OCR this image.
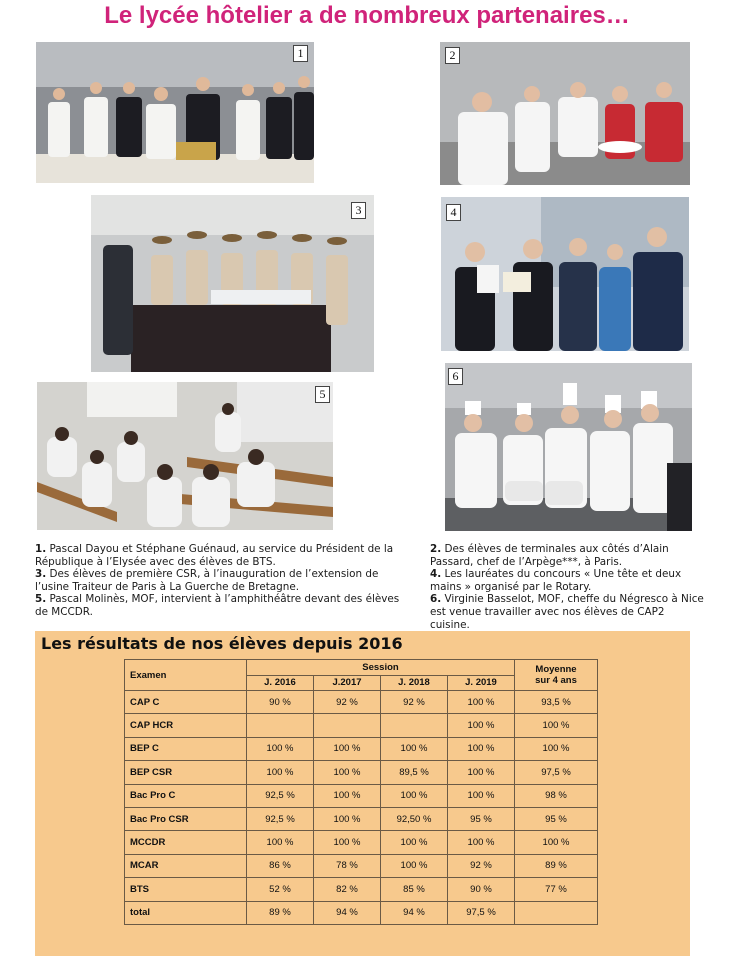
Le lycée hôtelier a de nombreux partenaires…
1	2
3	4
5
6

1. Pascal Dayou et Stéphane Guénaud, au service du Président de la République à l’Elysée avec des élèves de BTS.

3. Des élèves de première CSR, à l’inauguration de l’extension de l’usine Traiteur de Paris à La Guerche de Bretagne.

5. Pascal Molinès, MOF, intervient à l’amphithéâtre devant des élèves de MCCDR.

2. Des élèves de terminales aux côtés d’Alain Passard, chef de l’Arpège***, à Paris.

4. Les lauréates du concours « Une tête et deux mains » organisé par le Rotary.

6. Virginie Basselot, MOF, cheffe du Négresco à Nice est venue travailler avec nos élèves de CAP2 cuisine.

Les résultats de nos élèves depuis 2016
Examen	Session				Moyenne sur 4 ans
	J. 2016	J.2017	J. 2018	J. 2019	
CAP C	90 %	92 %	92 %	100 %	93,5 %
CAP HCR				100 %	100 %
BEP C	100 %	100 %	100 %	100 %	100 %
BEP CSR	100 %	100 %	89,5 %	100 %	97,5 %
Bac Pro C	92,5 %	100 %	100 %	100 %	98 %
Bac Pro CSR	92,5 %	100 %	92,50 %	95 %	95 %
MCCDR	100 %	100 %	100 %	100 %	100 %
MCAR	86 %	78 %	100 %	92 %	89 %
BTS	52 %	82 %	85 %	90 %	77 %
total	89 %	94 %	94 %	97,5 %	
